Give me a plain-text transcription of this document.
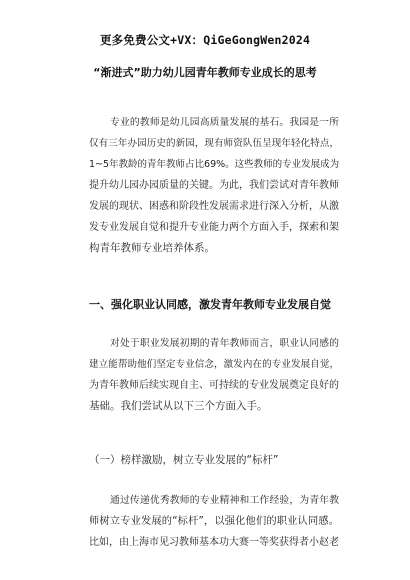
更多免费公文+VX：QiGeGongWen2024
“渐进式”助力幼儿园青年教师专业成长的思考
专业的教师是幼儿园高质量发展的基石。我园是一所
仅有三年办园历史的新园，现有师资队伍呈现年轻化特点，
1~5年教龄的青年教师占比69%。这些教师的专业发展成为
提升幼儿园办园质量的关键。为此，我们尝试对青年教师
发展的现状、困惑和阶段性发展需求进行深入分析，从激
发专业发展自觉和提升专业能力两个方面入手，探索和架
构青年教师专业培养体系。
一、强化职业认同感，激发青年教师专业发展自觉
对处于职业发展初期的青年教师而言，职业认同感的
建立能帮助他们坚定专业信念，激发内在的专业发展自觉，
为青年教师后续实现自主、可持续的专业发展奠定良好的
基础。我们尝试从以下三个方面入手。
（一）榜样激励，树立专业发展的“标杆”
通过传递优秀教师的专业精神和工作经验，为青年教
师树立专业发展的“标杆”，以强化他们的职业认同感。
比如，由上海市见习教师基本功大赛一等奖获得者小赵老
